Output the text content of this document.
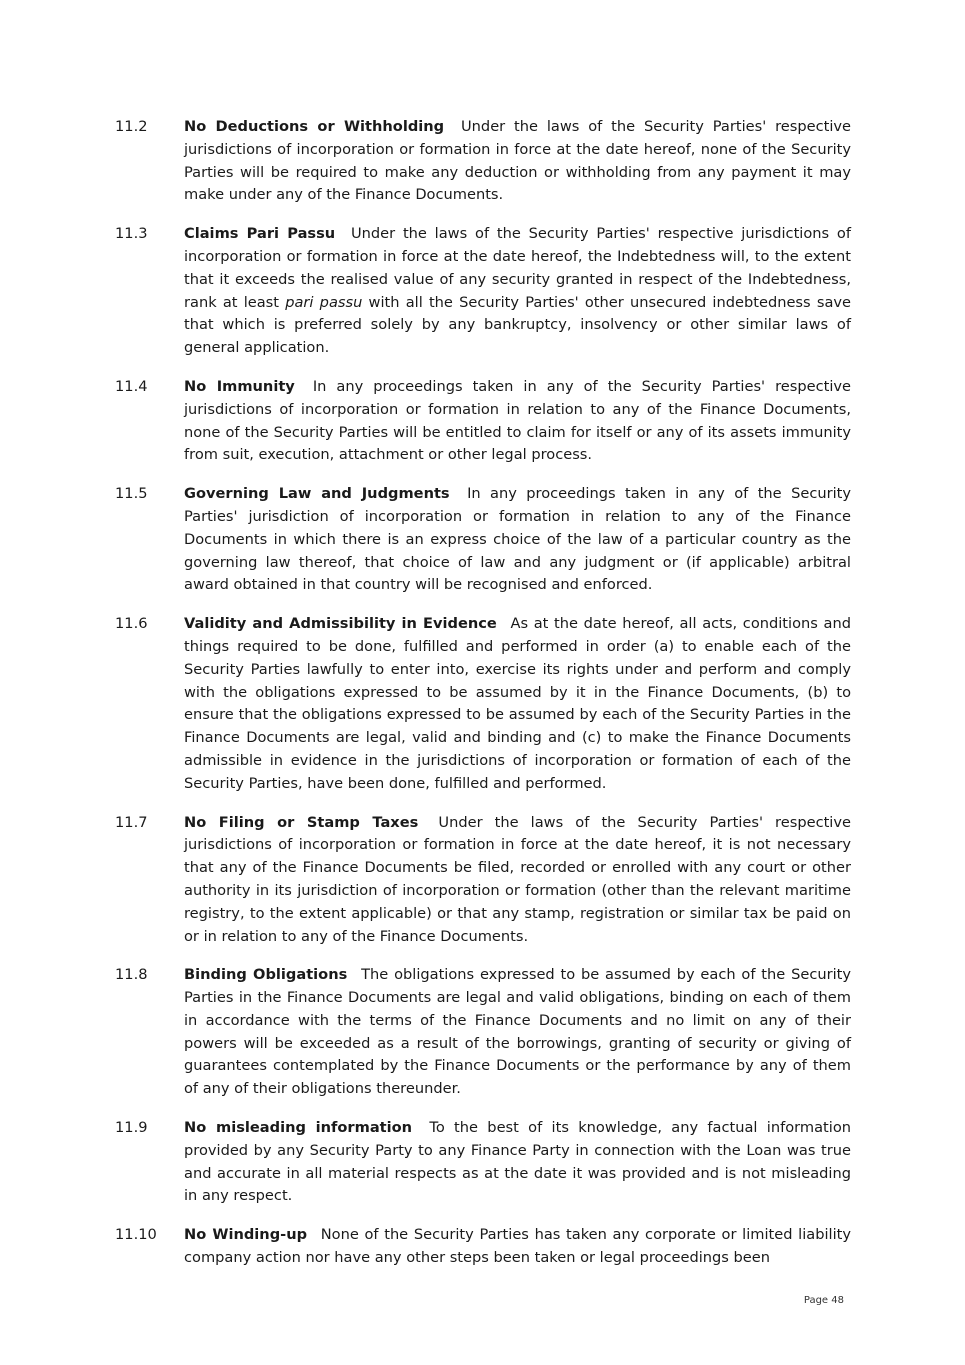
11.2	No Deductions or Withholding Under the laws of the Security Parties' respective jurisdictions of incorporation or formation in force at the date hereof, none of the Security Parties will be required to make any deduction or withholding from any payment it may make under any of the Finance Documents.
11.3	Claims Pari Passu Under the laws of the Security Parties' respective jurisdictions of incorporation or formation in force at the date hereof, the Indebtedness will, to the extent that it exceeds the realised value of any security granted in respect of the Indebtedness, rank at least pari passu with all the Security Parties' other unsecured indebtedness save that which is preferred solely by any bankruptcy, insolvency or other similar laws of general application.
11.4	No Immunity In any proceedings taken in any of the Security Parties' respective jurisdictions of incorporation or formation in relation to any of the Finance Documents, none of the Security Parties will be entitled to claim for itself or any of its assets immunity from suit, execution, attachment or other legal process.
11.5	Governing Law and Judgments In any proceedings taken in any of the Security Parties' jurisdiction of incorporation or formation in relation to any of the Finance Documents in which there is an express choice of the law of a particular country as the governing law thereof, that choice of law and any judgment or (if applicable) arbitral award obtained in that country will be recognised and enforced.
11.6	Validity and Admissibility in Evidence As at the date hereof, all acts, conditions and things required to be done, fulfilled and performed in order (a) to enable each of the Security Parties lawfully to enter into, exercise its rights under and perform and comply with the obligations expressed to be assumed by it in the Finance Documents, (b) to ensure that the obligations expressed to be assumed by each of the Security Parties in the Finance Documents are legal, valid and binding and (c) to make the Finance Documents admissible in evidence in the jurisdictions of incorporation or formation of each of the Security Parties, have been done, fulfilled and performed.
11.7	No Filing or Stamp Taxes Under the laws of the Security Parties' respective jurisdictions of incorporation or formation in force at the date hereof, it is not necessary that any of the Finance Documents be filed, recorded or enrolled with any court or other authority in its jurisdiction of incorporation or formation (other than the relevant maritime registry, to the extent applicable) or that any stamp, registration or similar tax be paid on or in relation to any of the Finance Documents.
11.8	Binding Obligations The obligations expressed to be assumed by each of the Security Parties in the Finance Documents are legal and valid obligations, binding on each of them in accordance with the terms of the Finance Documents and no limit on any of their powers will be exceeded as a result of the borrowings, granting of security or giving of guarantees contemplated by the Finance Documents or the performance by any of them of any of their obligations thereunder.
11.9	No misleading information To the best of its knowledge, any factual information provided by any Security Party to any Finance Party in connection with the Loan was true and accurate in all material respects as at the date it was provided and is not misleading in any respect.
11.10	No Winding-up None of the Security Parties has taken any corporate or limited liability company action nor have any other steps been taken or legal proceedings been
Page 48
